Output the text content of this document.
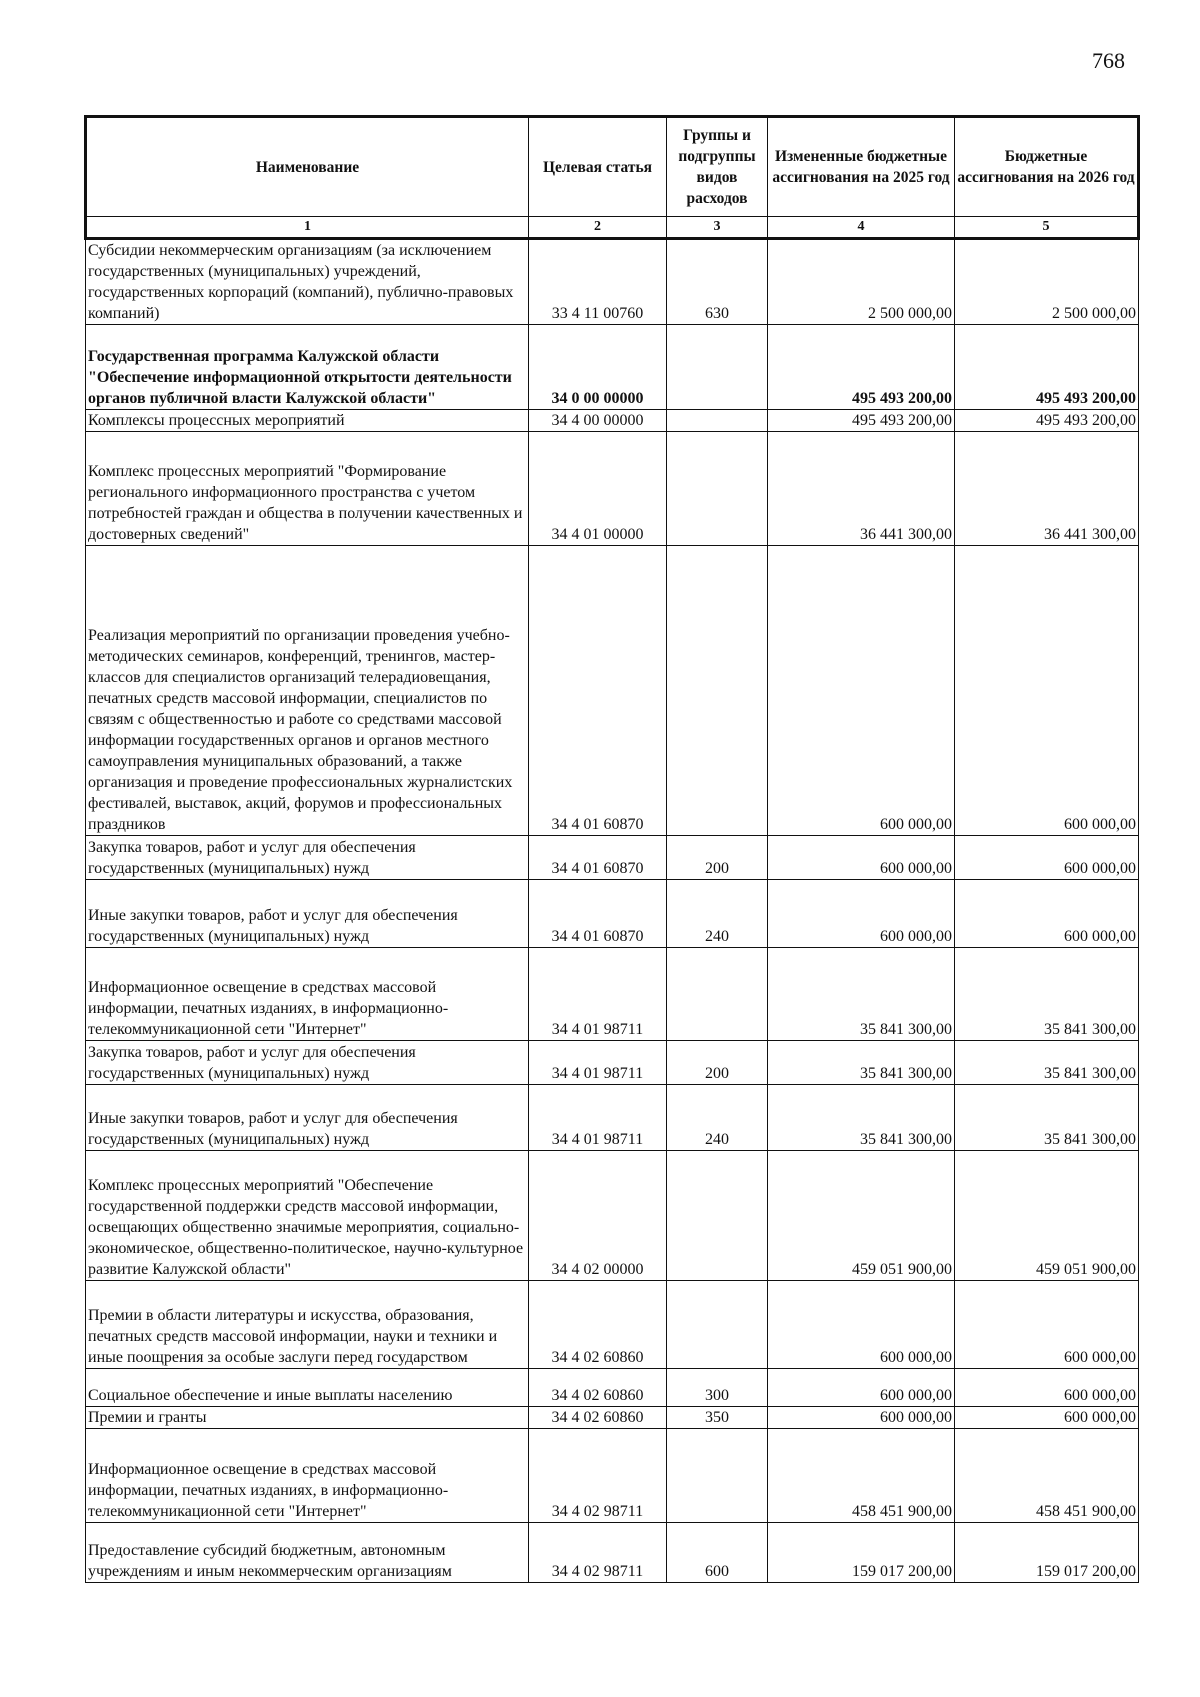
768
Наименование	Целевая статья	Группы и подгруппы видов расходов	Измененные бюджетные ассигнования на 2025 год	Бюджетные ассигнования на 2026 год
1	2	3	4	5
Субсидии некоммерческим организациям (за исключением государственных (муниципальных) учреждений, государственных корпораций (компаний), публично-правовых компаний)	33 4 11 00760	630	2 500 000,00	2 500 000,00
Государственная программа Калужской области "Обеспечение информационной открытости деятельности органов публичной власти Калужской области"	34 0 00 00000		495 493 200,00	495 493 200,00
Комплексы процессных мероприятий	34 4 00 00000		495 493 200,00	495 493 200,00
Комплекс процессных мероприятий "Формирование регионального информационного пространства с учетом потребностей граждан и общества в получении качественных и достоверных сведений"	34 4 01 00000		36 441 300,00	36 441 300,00
Реализация мероприятий по организации проведения учебно-методических семинаров, конференций, тренингов, мастер-классов для специалистов организаций телерадиовещания, печатных средств массовой информации, специалистов по связям с общественностью и работе со средствами массовой информации государственных органов и органов местного самоуправления муниципальных образований, а также организация и проведение профессиональных журналистских фестивалей, выставок, акций, форумов и профессиональных праздников	34 4 01 60870		600 000,00	600 000,00
Закупка товаров, работ и услуг для обеспечения государственных (муниципальных) нужд	34 4 01 60870	200	600 000,00	600 000,00
Иные закупки товаров, работ и услуг для обеспечения государственных (муниципальных) нужд	34 4 01 60870	240	600 000,00	600 000,00
Информационное освещение в средствах массовой информации, печатных изданиях, в информационно-телекоммуникационной сети "Интернет"	34 4 01 98711		35 841 300,00	35 841 300,00
Закупка товаров, работ и услуг для обеспечения государственных (муниципальных) нужд	34 4 01 98711	200	35 841 300,00	35 841 300,00
Иные закупки товаров, работ и услуг для обеспечения государственных (муниципальных) нужд	34 4 01 98711	240	35 841 300,00	35 841 300,00
Комплекс процессных мероприятий "Обеспечение государственной поддержки средств массовой информации, освещающих общественно значимые мероприятия, социально-экономическое, общественно-политическое, научно-культурное развитие Калужской области"	34 4 02 00000		459 051 900,00	459 051 900,00
Премии в области литературы и искусства, образования, печатных средств массовой информации, науки и техники и иные поощрения за особые заслуги перед государством	34 4 02 60860		600 000,00	600 000,00
Социальное обеспечение и иные выплаты населению	34 4 02 60860	300	600 000,00	600 000,00
Премии и гранты	34 4 02 60860	350	600 000,00	600 000,00
Информационное освещение в средствах массовой информации, печатных изданиях, в информационно-телекоммуникационной сети "Интернет"	34 4 02 98711		458 451 900,00	458 451 900,00
Предоставление субсидий бюджетным, автономным учреждениям и иным некоммерческим организациям	34 4 02 98711	600	159 017 200,00	159 017 200,00
